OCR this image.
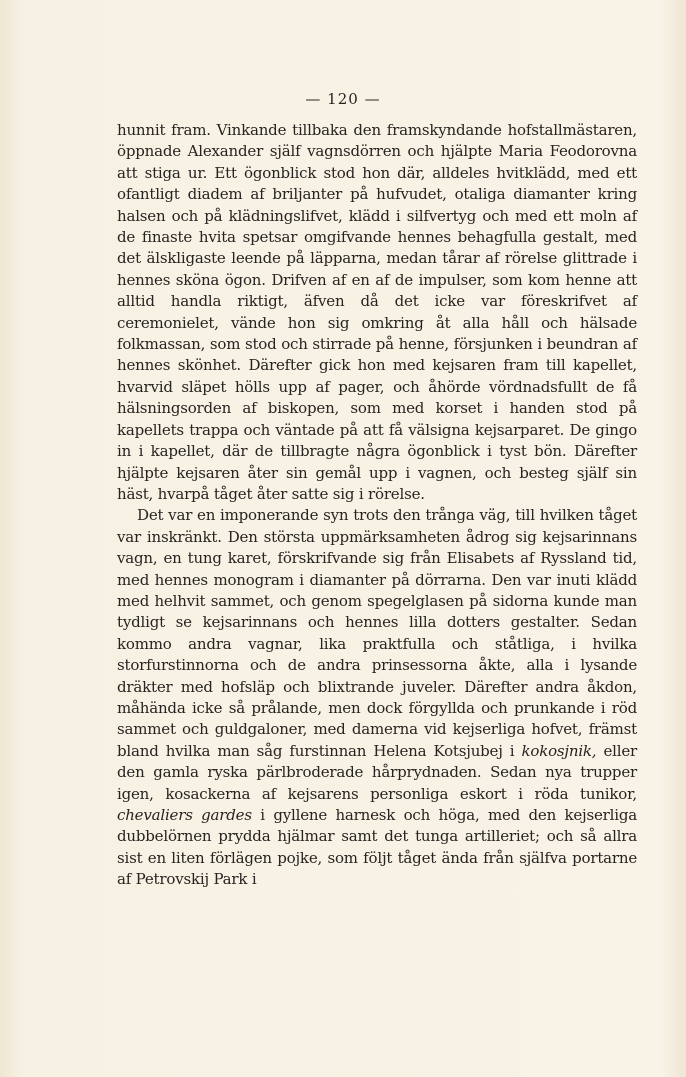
— 120 —

hunnit fram. Vinkande tillbaka den framskyndande hofstallmästaren, öppnade Alexander själf vagnsdörren och hjälpte Maria Feodorovna att stiga ur. Ett ögonblick stod hon där, alldeles hvitklädd, med ett ofantligt diadem af briljanter på hufvudet, otaliga diamanter kring halsen och på klädningslifvet, klädd i silfvertyg och med ett moln af de finaste hvita spetsar omgifvande hennes behagfulla gestalt, med det älskligaste leende på läpparna, medan tårar af rörelse glittrade i hennes sköna ögon. Drifven af en af de impulser, som kom henne att alltid handla riktigt, äfven då det icke var föreskrifvet af ceremonielet, vände hon sig omkring åt alla håll och hälsade folkmassan, som stod och stirrade på henne, försjunken i beundran af hennes skönhet. Därefter gick hon med kejsaren fram till kapellet, hvarvid släpet hölls upp af pager, och åhörde vördnadsfullt de få hälsningsorden af biskopen, som med korset i handen stod på kapellets trappa och väntade på att få välsigna kejsarparet. De gingo in i kapellet, där de tillbragte några ögonblick i tyst bön. Därefter hjälpte kejsaren åter sin gemål upp i vagnen, och besteg själf sin häst, hvarpå tåget åter satte sig i rörelse.

Det var en imponerande syn trots den trånga väg, till hvilken tåget var inskränkt. Den största uppmärksamheten ådrog sig kejsarinnans vagn, en tung karet, förskrifvande sig från Elisabets af Ryssland tid, med hennes monogram i diamanter på dörrarna. Den var inuti klädd med helhvit sammet, och genom spegelglasen på sidorna kunde man tydligt se kejsarinnans och hennes lilla dotters gestalter. Sedan kommo andra vagnar, lika praktfulla och ståtliga, i hvilka storfurstinnorna och de andra prinsessorna åkte, alla i lysande dräkter med hofsläp och blixtrande juveler. Därefter andra åkdon, måhända icke så prålande, men dock förgyllda och prunkande i röd sammet och guldgaloner, med damerna vid kejserliga hofvet, främst bland hvilka man såg furstinnan Helena Kotsjubej i kokosjnik, eller den gamla ryska pärlbroderade hårprydnaden. Sedan nya trupper igen, kosackerna af kejsarens personliga eskort i röda tunikor, chevaliers gardes i gyllene harnesk och höga, med den kejserliga dubbelörnen prydda hjälmar samt det tunga artilleriet; och så allra sist en liten förlägen pojke, som följt tåget ända från själfva portarne af Petrovskij Park i
